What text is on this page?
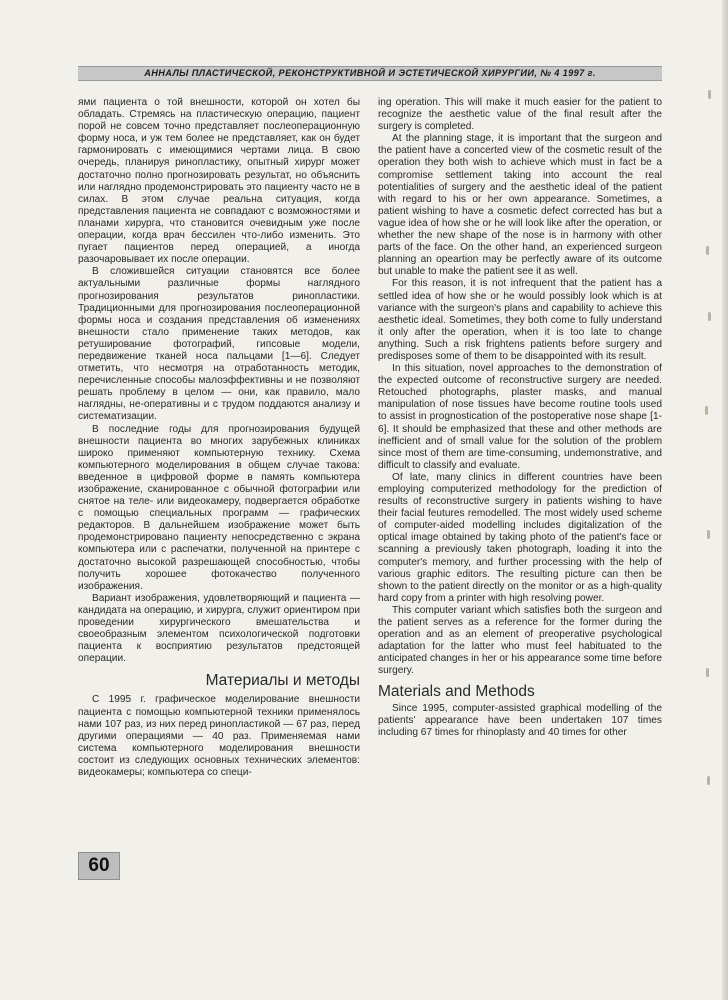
АННАЛЫ ПЛАСТИЧЕСКОЙ, РЕКОНСТРУКТИВНОЙ И ЭСТЕТИЧЕСКОЙ ХИРУРГИИ, № 4 1997 г.

ями пациента о той внешности, которой он хотел бы обладать. Стремясь на пластическую операцию, пациент порой не совсем точно представляет послеоперационную форму носа, и уж тем более не представляет, как он будет гармонировать с имеющимися чертами лица. В свою очередь, планируя ринопластику, опытный хирург может достаточно полно прогнозировать результат, но объяснить или наглядно продемонстрировать это пациенту часто не в силах. В этом случае реальна ситуация, когда представления пациента не совпадают с возможностями и планами хирурга, что становится очевидным уже после операции, когда врач бессилен что-либо изменить. Это пугает пациентов перед операцией, а иногда разочаровывает их после операции.

В сложившейся ситуации становятся все более актуальными различные формы наглядного прогнозирования результатов ринопластики. Традиционными для прогнозирования послеоперационной формы носа и создания представления об изменениях внешности стало применение таких методов, как ретуширование фотографий, гипсовые модели, передвижение тканей носа пальцами [1—6]. Следует отметить, что несмотря на отработанность методик, перечисленные способы малоэффективны и не позволяют решать проблему в целом — они, как правило, мало наглядны, не-оперативны и с трудом поддаются анализу и систематизации.

В последние годы для прогнозирования будущей внешности пациента во многих зарубежных клиниках широко применяют компьютерную технику. Схема компьютерного моделирования в общем случае такова: введенное в цифровой форме в память компьютера изображение, сканированное с обычной фотографии или снятое на теле- или видеокамеру, подвергается обработке с помощью специальных программ — графических редакторов. В дальнейшем изображение может быть продемонстрировано пациенту непосредственно с экрана компьютера или с распечатки, полученной на принтере с достаточно высокой разрешающей способностью, чтобы получить хорошее фотокачество полученного изображения.

Вариант изображения, удовлетворяющий и пациента — кандидата на операцию, и хирурга, служит ориентиром при проведении хирургического вмешательства и своеобразным элементом психологической подготовки пациента к восприятию результатов предстоящей операции.

Материалы и методы

С 1995 г. графическое моделирование внешности пациента с помощью компьютерной техники применялось нами 107 раз, из них перед ринопластикой — 67 раз, перед другими операциями — 40 раз. Применяемая нами система компьютерного моделирования внешности состоит из следующих основных технических элементов: видеокамеры; компьютера со специ-

ing operation. This will make it much easier for the patient to recognize the aesthetic value of the final result after the surgery is completed.

At the planning stage, it is important that the surgeon and the patient have a concerted view of the cosmetic result of the operation they both wish to achieve which must in fact be a compromise settlement taking into account the real potentialities of surgery and the aesthetic ideal of the patient with regard to his or her own appearance. Sometimes, a patient wishing to have a cosmetic defect corrected has but a vague idea of how she or he will look like after the operation, or whether the new shape of the nose is in harmony with other parts of the face. On the other hand, an experienced surgeon planning an opeartion may be perfectly aware of its outcome but unable to make the patient see it as well.

For this reason, it is not infrequent that the patient has a settled idea of how she or he would possibly look which is at variance with the surgeon's plans and capability to achieve this aesthetic ideal. Sometimes, they both come to fully understand it only after the operation, when it is too late to change anything. Such a risk frightens patients before surgery and predisposes some of them to be disappointed with its result.

In this situation, novel approaches to the demonstration of the expected outcome of reconstructive surgery are needed. Retouched photographs, plaster masks, and manual manipulation of nose tissues have become routine tools used to assist in prognostication of the postoperative nose shape [1-6]. It should be emphasized that these and other methods are inefficient and of small value for the solution of the problem since most of them are time-consuming, undemonstrative, and difficult to classify and evaluate.

Of late, many clinics in different countries have been employing computerized methodology for the prediction of results of reconstructive surgery in patients wishing to have their facial feutures remodelled. The most widely used scheme of computer-aided modelling includes digitalization of the optical image obtained by taking photo of the patient's face or scanning a previously taken photograph, loading it into the computer's memory, and further processing with the help of various graphic editors. The resulting picture can then be shown to the patient directly on the monitor or as a high-quality hard copy from a printer with high resolving power.

This computer variant which satisfies both the surgeon and the patient serves as a reference for the former during the operation and as an element of preoperative psychological adaptation for the latter who must feel habituated to the anticipated changes in her or his appearance some time before surgery.

Materials and Methods

Since 1995, computer-assisted graphical modelling of the patients' appearance have been undertaken 107 times including 67 times for rhinoplasty and 40 times for other

60
